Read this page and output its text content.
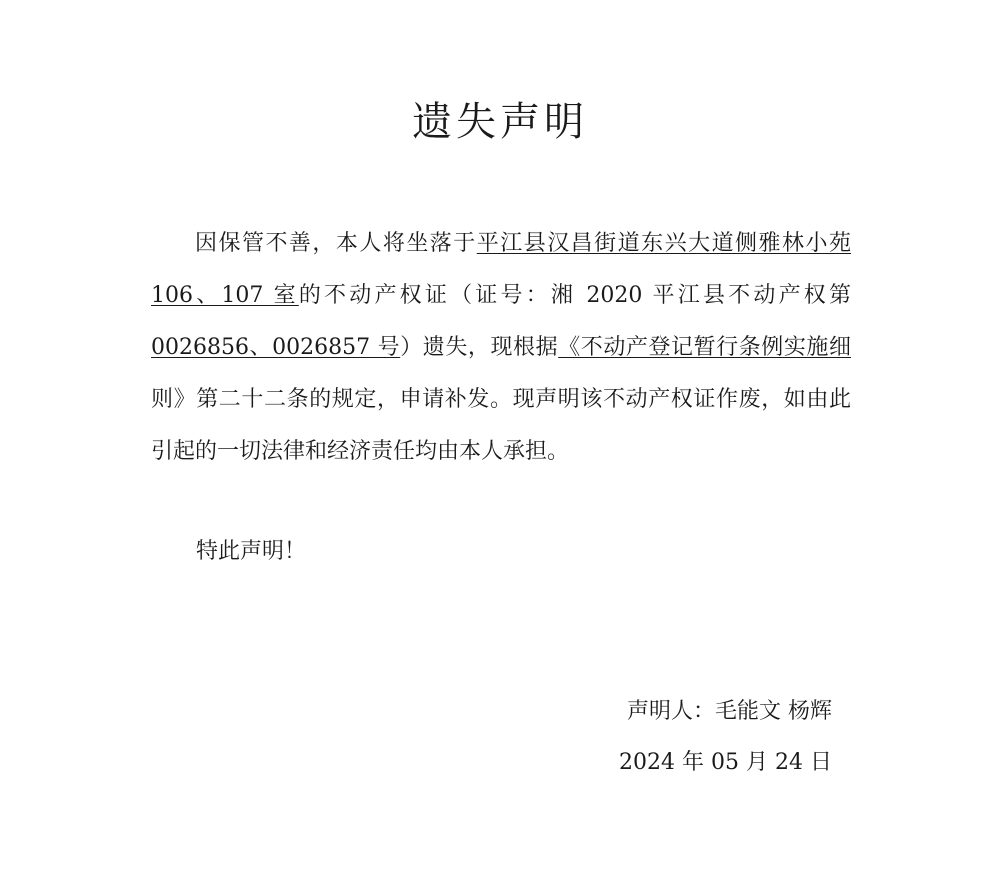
遗失声明

因保管不善，本人将坐落于平江县汉昌街道东兴大道侧雅林小苑 106、107 室的不动产权证（证号：湘 2020 平江县不动产权第0026856、0026857 号）遗失，现根据《不动产登记暂行条例实施细则》第二十二条的规定，申请补发。现声明该不动产权证作废，如由此引起的一切法律和经济责任均由本人承担。

特此声明！
声明人：毛能文 杨辉
2024 年 05 月 24 日
